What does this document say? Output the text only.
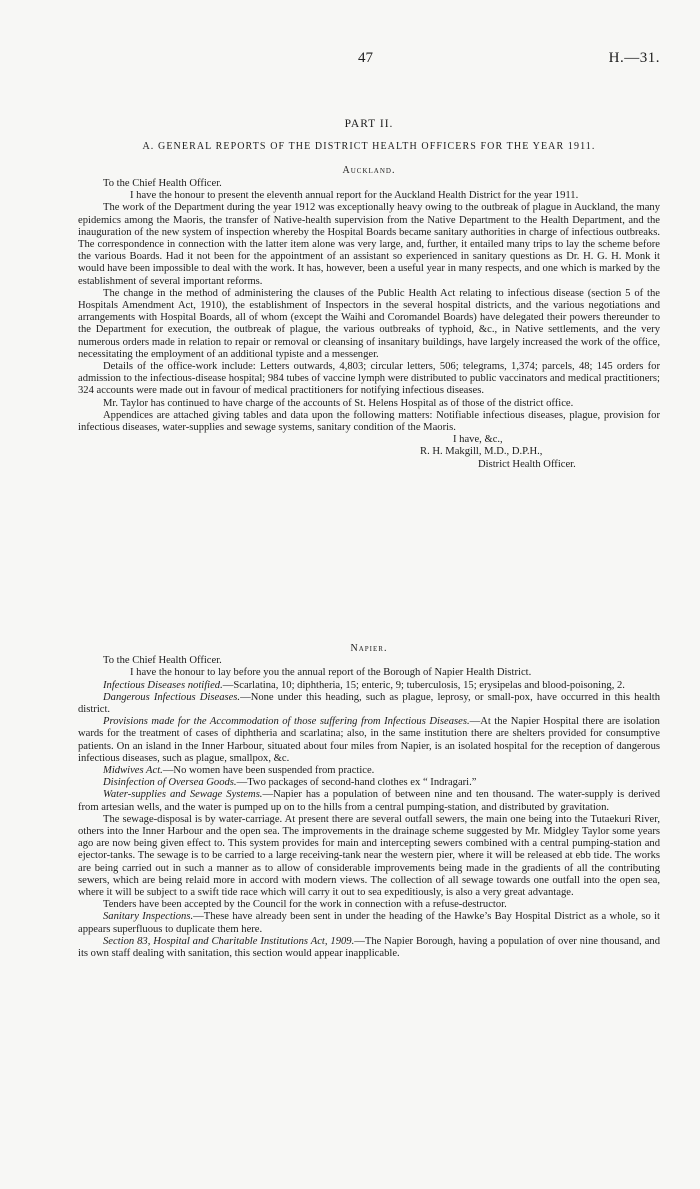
47	H.—31.
PART II.
A. GENERAL REPORTS OF THE DISTRICT HEALTH OFFICERS FOR THE YEAR 1911.
Auckland.

To the Chief Health Officer.

I have the honour to present the eleventh annual report for the Auckland Health District for the year 1911.

The work of the Department during the year 1912 was exceptionally heavy owing to the outbreak of plague in Auckland, the many epidemics among the Maoris, the transfer of Native-health supervision from the Native Department to the Health Department, and the inauguration of the new system of inspection whereby the Hospital Boards became sanitary authorities in charge of infectious outbreaks. The correspondence in connection with the latter item alone was very large, and, further, it entailed many trips to lay the scheme before the various Boards. Had it not been for the appointment of an assistant so experienced in sanitary questions as Dr. H. G. H. Monk it would have been impossible to deal with the work. It has, however, been a useful year in many respects, and one which is marked by the establishment of several important reforms.

The change in the method of administering the clauses of the Public Health Act relating to infectious disease (section 5 of the Hospitals Amendment Act, 1910), the establishment of Inspectors in the several hospital districts, and the various negotiations and arrangements with Hospital Boards, all of whom (except the Waihi and Coromandel Boards) have delegated their powers thereunder to the Department for execution, the outbreak of plague, the various outbreaks of typhoid, &c., in Native settlements, and the very numerous orders made in relation to repair or removal or cleansing of insanitary buildings, have largely increased the work of the office, necessitating the employment of an additional typiste and a messenger.

Details of the office-work include: Letters outwards, 4,803; circular letters, 506; telegrams, 1,374; parcels, 48; 145 orders for admission to the infectious-disease hospital; 984 tubes of vaccine lymph were distributed to public vaccinators and medical practitioners; 324 accounts were made out in favour of medical practitioners for notifying infectious diseases.

Mr. Taylor has continued to have charge of the accounts of St. Helens Hospital as of those of the district office.

Appendices are attached giving tables and data upon the following matters: Notifiable infectious diseases, plague, provision for infectious diseases, water-supplies and sewage systems, sanitary condition of the Maoris.

I have, &c.,

R. H. Makgill, M.D., D.P.H.,

District Health Officer.

Napier.

To the Chief Health Officer.

I have the honour to lay before you the annual report of the Borough of Napier Health District.

Infectious Diseases notified.—Scarlatina, 10; diphtheria, 15; enteric, 9; tuberculosis, 15; erysipelas and blood-poisoning, 2.

Dangerous Infectious Diseases.—None under this heading, such as plague, leprosy, or small-pox, have occurred in this health district.

Provisions made for the Accommodation of those suffering from Infectious Diseases.—At the Napier Hospital there are isolation wards for the treatment of cases of diphtheria and scarlatina; also, in the same institution there are shelters provided for consumptive patients. On an island in the Inner Harbour, situated about four miles from Napier, is an isolated hospital for the reception of dangerous infectious diseases, such as plague, smallpox, &c.

Midwives Act.—No women have been suspended from practice.

Disinfection of Oversea Goods.—Two packages of second-hand clothes ex “ Indragari.”

Water-supplies and Sewage Systems.—Napier has a population of between nine and ten thousand. The water-supply is derived from artesian wells, and the water is pumped up on to the hills from a central pumping-station, and distributed by gravitation.

The sewage-disposal is by water-carriage. At present there are several outfall sewers, the main one being into the Tutaekuri River, others into the Inner Harbour and the open sea. The improvements in the drainage scheme suggested by Mr. Midgley Taylor some years ago are now being given effect to. This system provides for main and intercepting sewers combined with a central pumping-station and ejector-tanks. The sewage is to be carried to a large receiving-tank near the western pier, where it will be released at ebb tide. The works are being carried out in such a manner as to allow of considerable improvements being made in the gradients of all the contributing sewers, which are being relaid more in accord with modern views. The collection of all sewage towards one outfall into the open sea, where it will be subject to a swift tide race which will carry it out to sea expeditiously, is also a very great advantage.

Tenders have been accepted by the Council for the work in connection with a refuse-destructor.

Sanitary Inspections.—These have already been sent in under the heading of the Hawke’s Bay Hospital District as a whole, so it appears superfluous to duplicate them here.

Section 83, Hospital and Charitable Institutions Act, 1909.—The Napier Borough, having a population of over nine thousand, and its own staff dealing with sanitation, this section would appear inapplicable.
